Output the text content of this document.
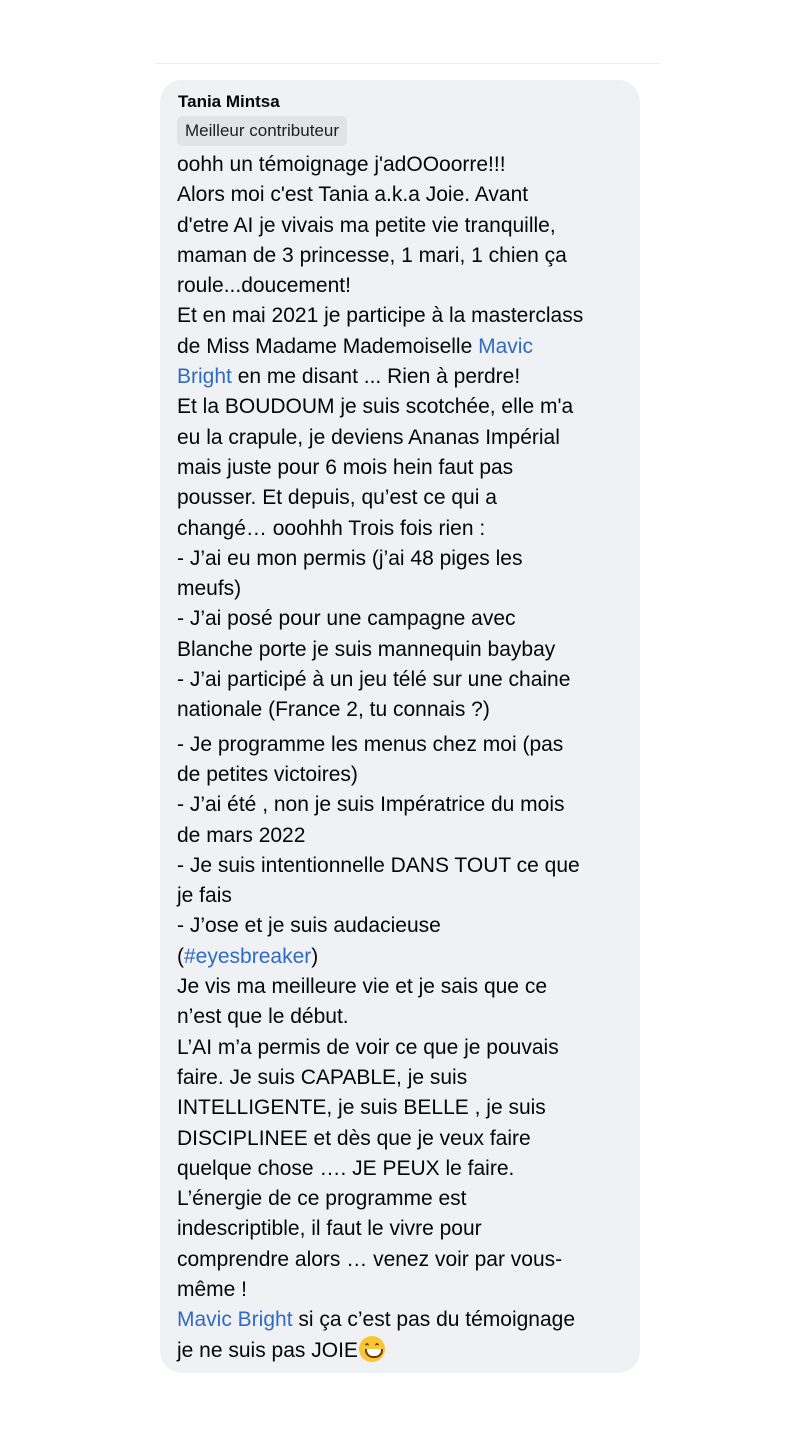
Tania Mintsa
Meilleur contributeur
oohh un témoignage j'adOOoorre!!!
Alors moi c'est Tania a.k.a Joie. Avant
d'etre AI je vivais ma petite vie tranquille,
maman de 3 princesse, 1 mari, 1 chien ça
roule...doucement!
Et en mai 2021 je participe à la masterclass
de Miss Madame Mademoiselle Mavic
Bright en me disant ... Rien à perdre!
Et la BOUDOUM je suis scotchée, elle m'a
eu la crapule, je deviens Ananas Impérial
mais juste pour 6 mois hein faut pas
pousser. Et depuis, qu’est ce qui a
changé… ooohhh Trois fois rien :
- J’ai eu mon permis (j’ai 48 piges les
meufs)
- J’ai posé pour une campagne avec
Blanche porte je suis mannequin baybay
- J’ai participé à un jeu télé sur une chaine
nationale (France 2, tu connais ?)
- Je programme les menus chez moi (pas
de petites victoires)
- J’ai été , non je suis Impératrice du mois
de mars 2022
- Je suis intentionnelle DANS TOUT ce que
je fais
- J’ose et je suis audacieuse
(#eyesbreaker)
Je vis ma meilleure vie et je sais que ce
n’est que le début.
L’AI m’a permis de voir ce que je pouvais
faire. Je suis CAPABLE, je suis
INTELLIGENTE, je suis BELLE , je suis
DISCIPLINEE et dès que je veux faire
quelque chose …. JE PEUX le faire.
L’énergie de ce programme est
indescriptible, il faut le vivre pour
comprendre alors … venez voir par vous-
même !
Mavic Bright si ça c’est pas du témoignage
je ne suis pas JOIE
